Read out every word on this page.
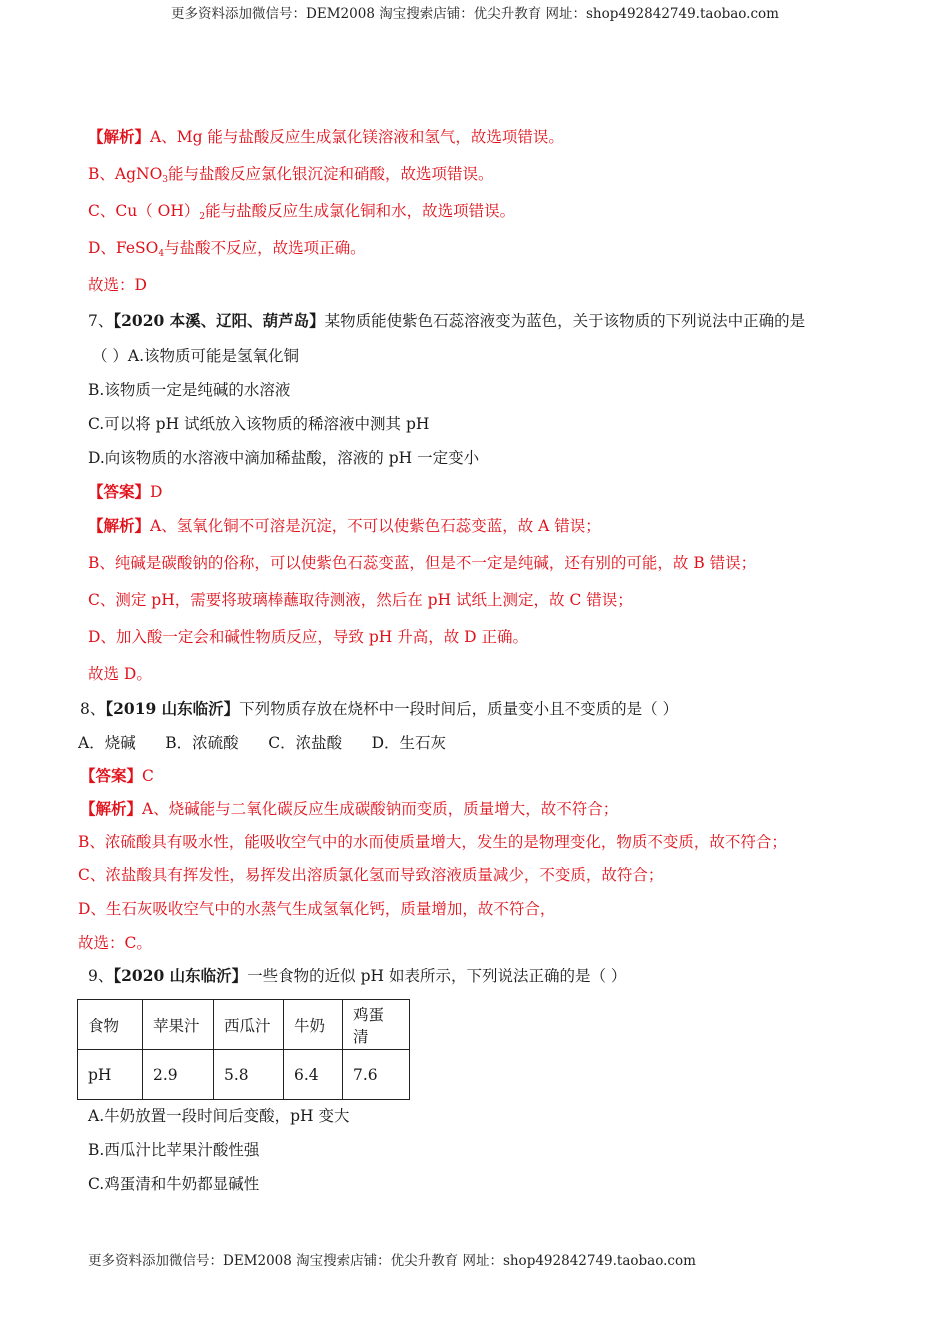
更多资料添加微信号：DEM2008 淘宝搜索店铺：优尖升教育 网址：shop492842749.taobao.com
【解析】A、Mg 能与盐酸反应生成氯化镁溶液和氢气，故选项错误。
B、AgNO$_3$能与盐酸反应氯化银沉淀和硝酸，故选项错误。
C、Cu（ $OH)_2$能与盐酸反应生成氯化铜和水，故选项错误。
D、FeSO$_4$与盐酸不反应，故选项正确。
故选：D
7、【2020 本溪、辽阳、葫芦岛】某物质能使紫色石蕊溶液变为蓝色，关于该物质的下列说法中正确的是
（ ）A.该物质可能是氢氧化铜
B.该物质一定是纯碱的水溶液
C.可以将 pH 试纸放入该物质的稀溶液中测其 pH
D.向该物质的水溶液中滴加稀盐酸，溶液的 pH 一定变小
【答案】D
【解析】A、氢氧化铜不可溶是沉淀，不可以使紫色石蕊变蓝，故 A 错误；
B、纯碱是碳酸钠的俗称，可以使紫色石蕊变蓝，但是不一定是纯碱，还有别的可能，故 B 错误；
C、测定 pH，需要将玻璃棒蘸取待测液，然后在 pH 试纸上测定，故 C 错误；
D、加入酸一定会和碱性物质反应，导致 pH 升高，故 D 正确。
故选 D。
8、【2019 山东临沂】下列物质存放在烧杯中一段时间后，质量变小且不变质的是（ ）
A．烧碱      B．浓硫酸      C．浓盐酸      D．生石灰
【答案】C
【解析】A、烧碱能与二氧化碳反应生成碳酸钠而变质，质量增大，故不符合；
B、浓硫酸具有吸水性，能吸收空气中的水而使质量增大，发生的是物理变化，物质不变质，故不符合；
C、浓盐酸具有挥发性，易挥发出溶质氯化氢而导致溶液质量减少，不变质，故符合；
D、生石灰吸收空气中的水蒸气生成氢氧化钙，质量增加，故不符合，
故选：C。
9、【2020 山东临沂】一些食物的近似 pH 如表所示，下列说法正确的是（ ）
食物	苹果汁	西瓜汁	牛奶	鸡蛋清
pH	2.9	5.8	6.4	7.6
A.牛奶放置一段时间后变酸，pH 变大
B.西瓜汁比苹果汁酸性强
C.鸡蛋清和牛奶都显碱性
更多资料添加微信号：DEM2008 淘宝搜索店铺：优尖升教育 网址：shop492842749.taobao.com
